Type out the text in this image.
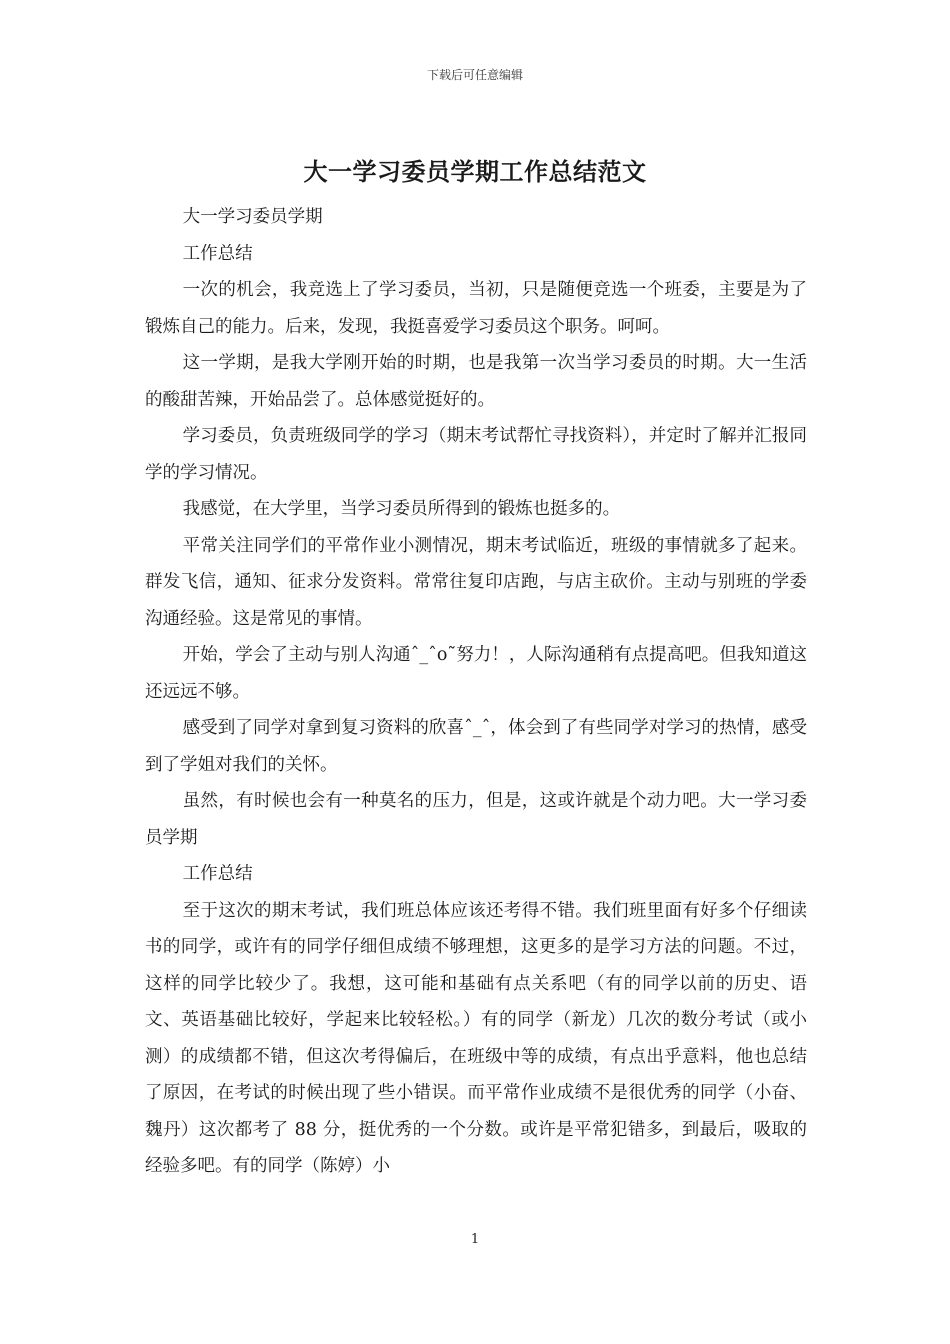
下载后可任意编辑
大一学习委员学期工作总结范文

大一学习委员学期

工作总结

一次的机会，我竞选上了学习委员，当初，只是随便竞选一个班委，主要是为了锻炼自己的能力。后来，发现，我挺喜爱学习委员这个职务。呵呵。

这一学期，是我大学刚开始的时期，也是我第一次当学习委员的时期。大一生活的酸甜苦辣，开始品尝了。总体感觉挺好的。

学习委员，负责班级同学的学习（期末考试帮忙寻找资料），并定时了解并汇报同学的学习情况。

我感觉，在大学里，当学习委员所得到的锻炼也挺多的。

平常关注同学们的平常作业小测情况，期末考试临近，班级的事情就多了起来。群发飞信，通知、征求分发资料。常常往复印店跑，与店主砍价。主动与别班的学委沟通经验。这是常见的事情。

开始，学会了主动与别人沟通ˆ_ˆo˜努力！，人际沟通稍有点提高吧。但我知道这还远远不够。

感受到了同学对拿到复习资料的欣喜ˆ_ˆ，体会到了有些同学对学习的热情，感受到了学姐对我们的关怀。

虽然，有时候也会有一种莫名的压力，但是，这或许就是个动力吧。大一学习委员学期

工作总结

至于这次的期末考试，我们班总体应该还考得不错。我们班里面有好多个仔细读书的同学，或许有的同学仔细但成绩不够理想，这更多的是学习方法的问题。不过，这样的同学比较少了。我想，这可能和基础有点关系吧（有的同学以前的历史、语文、英语基础比较好，学起来比较轻松。）有的同学（新龙）几次的数分考试（或小测）的成绩都不错，但这次考得偏后，在班级中等的成绩，有点出乎意料，他也总结了原因，在考试的时候出现了些小错误。而平常作业成绩不是很优秀的同学（小奋、魏丹）这次都考了 88 分，挺优秀的一个分数。或许是平常犯错多，到最后，吸取的经验多吧。有的同学（陈婷）小

1
